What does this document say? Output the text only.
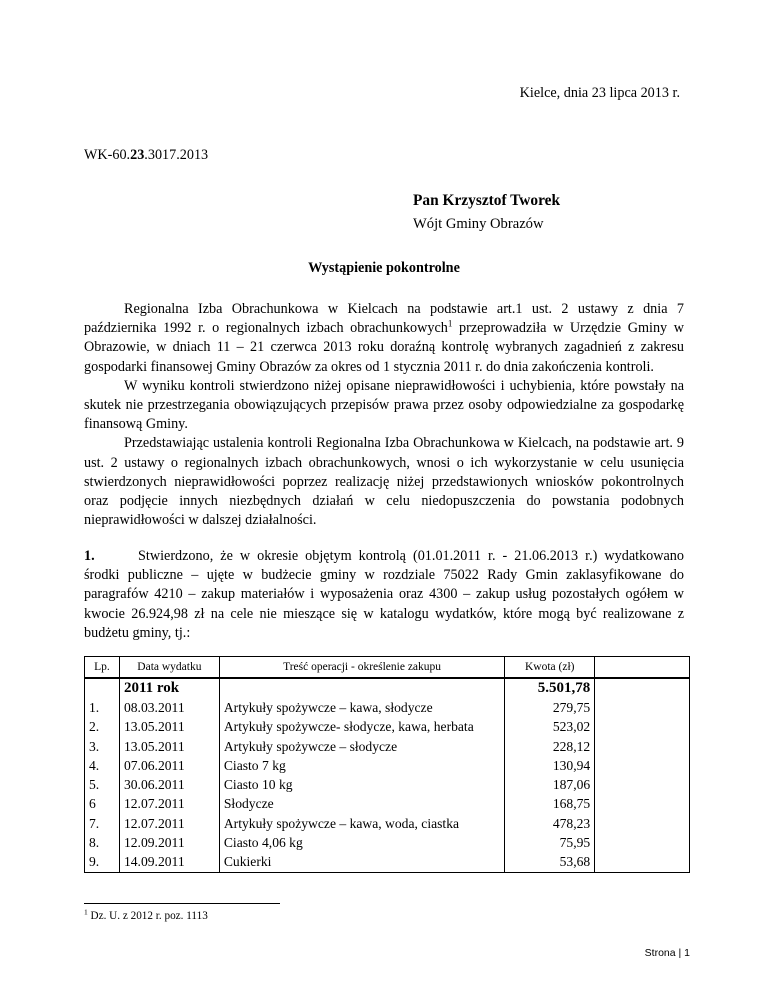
Kielce, dnia 23 lipca 2013 r.
WK-60.23.3017.2013
Pan Krzysztof Tworek
Wójt Gminy Obrazów
Wystąpienie pokontrolne

Regionalna Izba Obrachunkowa w Kielcach na podstawie art.1 ust. 2 ustawy z dnia 7 października 1992 r. o regionalnych izbach obrachunkowych$^1$ przeprowadziła w Urzędzie Gminy w Obrazowie, w dniach 11 – 21 czerwca 2013 roku doraźną kontrolę wybranych zagadnień z zakresu gospodarki finansowej Gminy Obrazów za okres od 1 stycznia 2011 r. do dnia zakończenia kontroli.

W wyniku kontroli stwierdzono niżej opisane nieprawidłowości i uchybienia, które powstały na skutek nie przestrzegania obowiązujących przepisów prawa przez osoby odpowiedzialne za gospodarkę finansową Gminy.

Przedstawiając ustalenia kontroli Regionalna Izba Obrachunkowa w Kielcach, na podstawie art. 9 ust. 2 ustawy o regionalnych izbach obrachunkowych, wnosi o ich wykorzystanie w celu usunięcia stwierdzonych nieprawidłowości poprzez realizację niżej przedstawionych wniosków pokontrolnych oraz podjęcie innych niezbędnych działań w celu niedopuszczenia do powstania podobnych nieprawidłowości w dalszej działalności.

1.	Stwierdzono, że w okresie objętym kontrolą (01.01.2011 r. - 21.06.2013 r.) wydatkowano środki publiczne – ujęte w budżecie gminy w rozdziale 75022 Rady Gmin zaklasyfikowane do paragrafów 4210 – zakup materiałów i wyposażenia oraz 4300 – zakup usług pozostałych ogółem w kwocie 26.924,98 zł na cele nie mieszące się w katalogu wydatków, które mogą być realizowane z budżetu gminy, tj.:

Lp.	Data wydatku	Treść operacji - określenie zakupu	Kwota (zł)	
	2011 rok		5.501,78	
1.	08.03.2011	Artykuły spożywcze – kawa, słodycze	279,75	
2.	13.05.2011	Artykuły spożywcze- słodycze, kawa, herbata	523,02	
3.	13.05.2011	Artykuły spożywcze – słodycze	228,12	
4.	07.06.2011	Ciasto 7 kg	130,94	
5.	30.06.2011	Ciasto 10 kg	187,06	
6	12.07.2011	Słodycze	168,75	
7.	12.07.2011	Artykuły spożywcze – kawa, woda, ciastka	478,23	
8.	12.09.2011	Ciasto 4,06 kg	75,95	
9.	14.09.2011	Cukierki	53,68	
$^1$ Dz. U. z 2012 r. poz. 1113
Strona | 1
